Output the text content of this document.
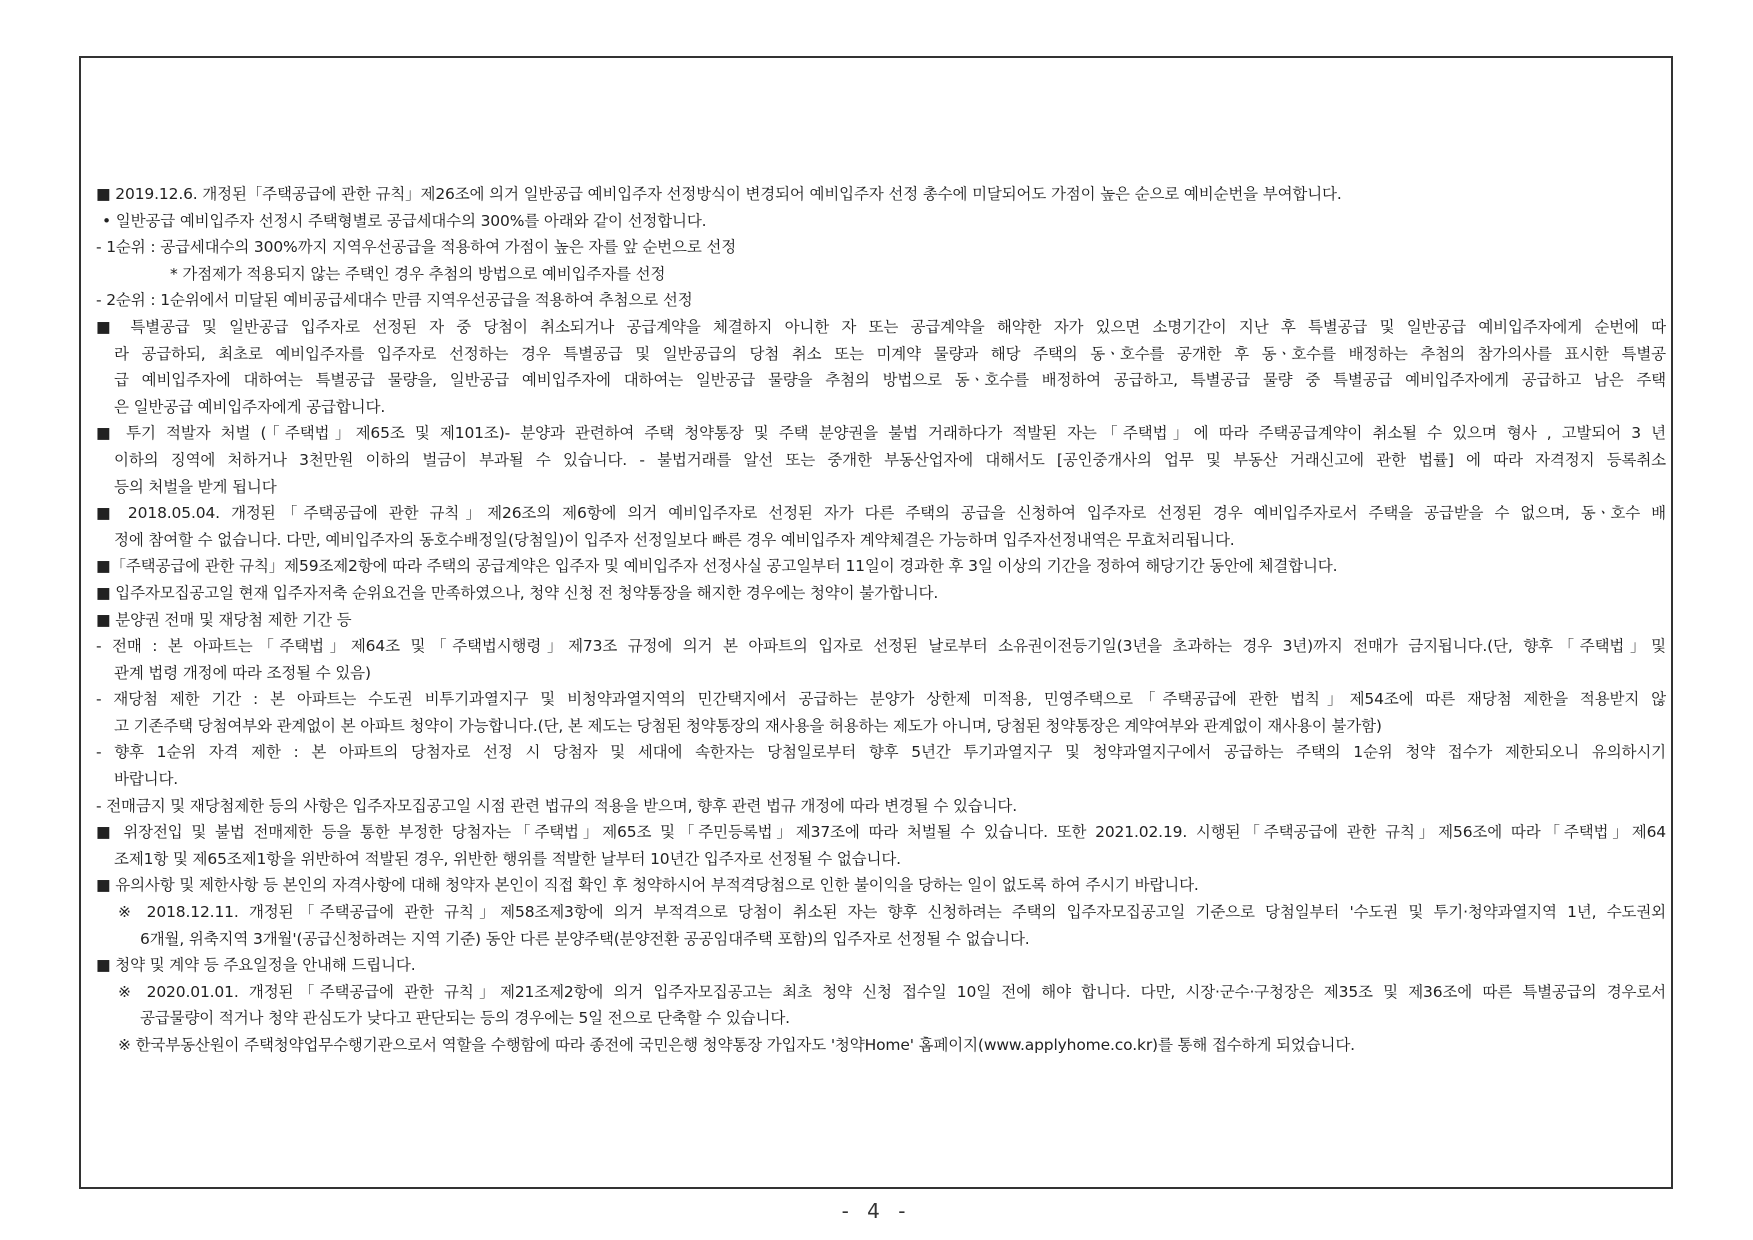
■ 2019.12.6. 개정된「주택공급에 관한 규칙」제26조에 의거 일반공급 예비입주자 선정방식이 변경되어 예비입주자 선정 총수에 미달되어도 가점이 높은 순으로 예비순번을 부여합니다.
• 일반공급 예비입주자 선정시 주택형별로 공급세대수의 300%를 아래와 같이 선정합니다.
- 1순위 : 공급세대수의 300%까지 지역우선공급을 적용하여 가점이 높은 자를 앞 순번으로 선정
* 가점제가 적용되지 않는 주택인 경우 추첨의 방법으로 예비입주자를 선정
- 2순위 : 1순위에서 미달된 예비공급세대수 만큼 지역우선공급을 적용하여 추첨으로 선정
■ 특별공급 및 일반공급 입주자로 선정된 자 중 당첨이 취소되거나 공급계약을 체결하지 아니한 자 또는 공급계약을 해약한 자가 있으면 소명기간이 지난 후 특별공급 및 일반공급 예비입주자에게 순번에 따
라 공급하되, 최초로 예비입주자를 입주자로 선정하는 경우 특별공급 및 일반공급의 당첨 취소 또는 미계약 물량과 해당 주택의 동ㆍ호수를 공개한 후 동ㆍ호수를 배정하는 추첨의 참가의사를 표시한 특별공
급 예비입주자에 대하여는 특별공급 물량을, 일반공급 예비입주자에 대하여는 일반공급 물량을 추첨의 방법으로 동ㆍ호수를 배정하여 공급하고, 특별공급 물량 중 특별공급 예비입주자에게 공급하고 남은 주택
은 일반공급 예비입주자에게 공급합니다.
■ 투기 적발자 처벌 (「주택법」제65조 및 제101조)- 분양과 관련하여 주택 청약통장 및 주택 분양권을 불법 거래하다가 적발된 자는「주택법」에 따라 주택공급계약이 취소될 수 있으며 형사 , 고발되어 3 년
이하의 징역에 처하거나 3천만원 이하의 벌금이 부과될 수 있습니다. - 불법거래를 알선 또는 중개한 부동산업자에 대해서도 [공인중개사의 업무 및 부동산 거래신고에 관한 법률] 에 따라 자격정지 등록취소
등의 처벌을 받게 됩니다
■ 2018.05.04. 개정된「주택공급에 관한 규칙」제26조의 제6항에 의거 예비입주자로 선정된 자가 다른 주택의 공급을 신청하여 입주자로 선정된 경우 예비입주자로서 주택을 공급받을 수 없으며, 동ㆍ호수 배
정에 참여할 수 없습니다. 다만, 예비입주자의 동호수배정일(당첨일)이 입주자 선정일보다 빠른 경우 예비입주자 계약체결은 가능하며 입주자선정내역은 무효처리됩니다.
■「주택공급에 관한 규칙」제59조제2항에 따라 주택의 공급계약은 입주자 및 예비입주자 선정사실 공고일부터 11일이 경과한 후 3일 이상의 기간을 정하여 해당기간 동안에 체결합니다.
■ 입주자모집공고일 현재 입주자저축 순위요건을 만족하였으나, 청약 신청 전 청약통장을 해지한 경우에는 청약이 불가합니다.
■ 분양권 전매 및 재당첨 제한 기간 등
- 전매 : 본 아파트는「주택법」제64조 및「주택법시행령」제73조 규정에 의거 본 아파트의 입자로 선정된 날로부터 소유권이전등기일(3년을 초과하는 경우 3년)까지 전매가 금지됩니다.(단, 향후「주택법」및
관계 법령 개정에 따라 조정될 수 있음)
- 재당첨 제한 기간 : 본 아파트는 수도권 비투기과열지구 및 비청약과열지역의 민간택지에서 공급하는 분양가 상한제 미적용, 민영주택으로「주택공급에 관한 법칙」제54조에 따른 재당첨 제한을 적용받지 않
고 기존주택 당첨여부와 관계없이 본 아파트 청약이 가능합니다.(단, 본 제도는 당첨된 청약통장의 재사용을 허용하는 제도가 아니며, 당첨된 청약통장은 계약여부와 관계없이 재사용이 불가함)
- 향후 1순위 자격 제한 : 본 아파트의 당첨자로 선정 시 당첨자 및 세대에 속한자는 당첨일로부터 향후 5년간 투기과열지구 및 청약과열지구에서 공급하는 주택의 1순위 청약 접수가 제한되오니 유의하시기
바랍니다.
- 전매금지 및 재당첨제한 등의 사항은 입주자모집공고일 시점 관련 법규의 적용을 받으며, 향후 관련 법규 개정에 따라 변경될 수 있습니다.
■ 위장전입 및 불법 전매제한 등을 통한 부정한 당첨자는「주택법」제65조 및「주민등록법」제37조에 따라 처벌될 수 있습니다. 또한 2021.02.19. 시행된「주택공급에 관한 규칙」제56조에 따라「주택법」제64
조제1항 및 제65조제1항을 위반하여 적발된 경우, 위반한 행위를 적발한 날부터 10년간 입주자로 선정될 수 없습니다.
■ 유의사항 및 제한사항 등 본인의 자격사항에 대해 청약자 본인이 직접 확인 후 청약하시어 부적격당첨으로 인한 불이익을 당하는 일이 없도록 하여 주시기 바랍니다.
※ 2018.12.11. 개정된「주택공급에 관한 규칙」제58조제3항에 의거 부적격으로 당첨이 취소된 자는 향후 신청하려는 주택의 입주자모집공고일 기준으로 당첨일부터 '수도권 및 투기·청약과열지역 1년, 수도권외
6개월, 위축지역 3개월'(공급신청하려는 지역 기준) 동안 다른 분양주택(분양전환 공공임대주택 포함)의 입주자로 선정될 수 없습니다.
■ 청약 및 계약 등 주요일정을 안내해 드립니다.
※ 2020.01.01. 개정된「주택공급에 관한 규칙」제21조제2항에 의거 입주자모집공고는 최초 청약 신청 접수일 10일 전에 해야 합니다. 다만, 시장·군수·구청장은 제35조 및 제36조에 따른 특별공급의 경우로서
공급물량이 적거나 청약 관심도가 낮다고 판단되는 등의 경우에는 5일 전으로 단축할 수 있습니다.
※ 한국부동산원이 주택청약업무수행기관으로서 역할을 수행함에 따라 종전에 국민은행 청약통장 가입자도 '청약Home' 홈페이지(www.applyhome.co.kr)를 통해 접수하게 되었습니다.
- 4 -
